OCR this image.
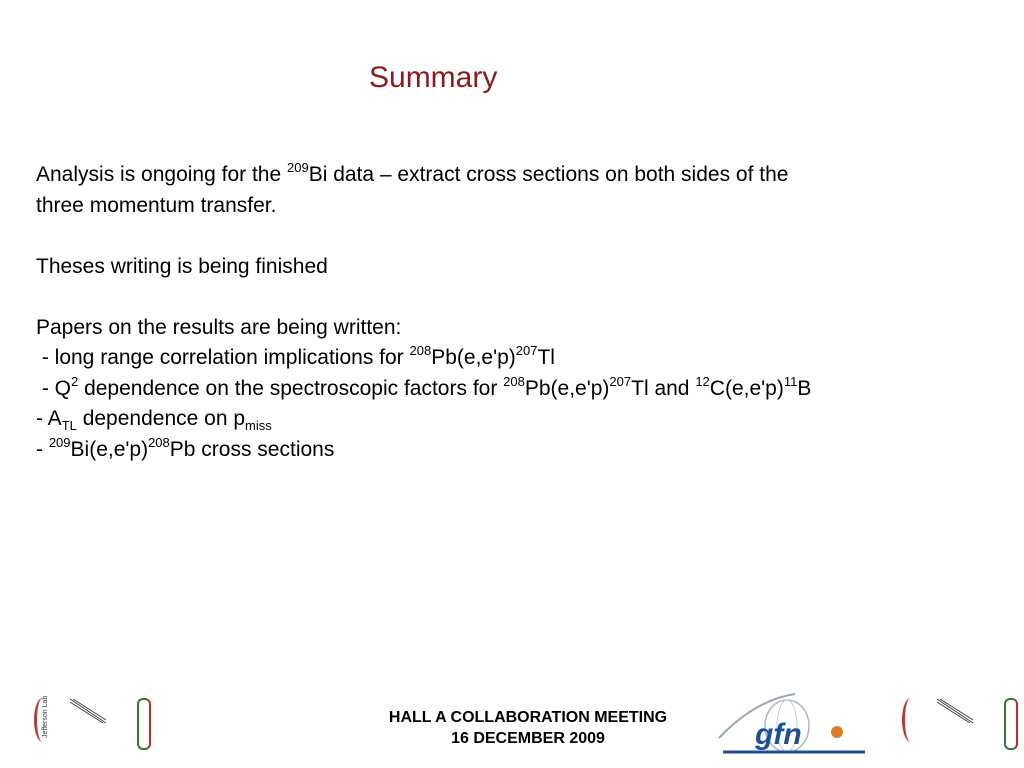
Summary
Analysis is ongoing for the $^{209}$Bi data – extract cross sections on both sides of the
three momentum transfer.
Theses writing is being finished
Papers on the results are being written:
- long range correlation implications for $^{208}Pb(e,e'p)^{207}Tl$
- $Q^2$ dependence on the spectroscopic factors for $^{208}Pb(e,e'p)^{207}Tl$ and $^{12}C(e,e'p)^{11}B$
- $A_{TL}$ dependence on $p_{miss}$
- $^{209}Bi(e,e'p)^{208}Pb$ cross sections
Jefferson Lab	HALL A COLLABORATION MEETING
16 DECEMBER 2009	gfn
